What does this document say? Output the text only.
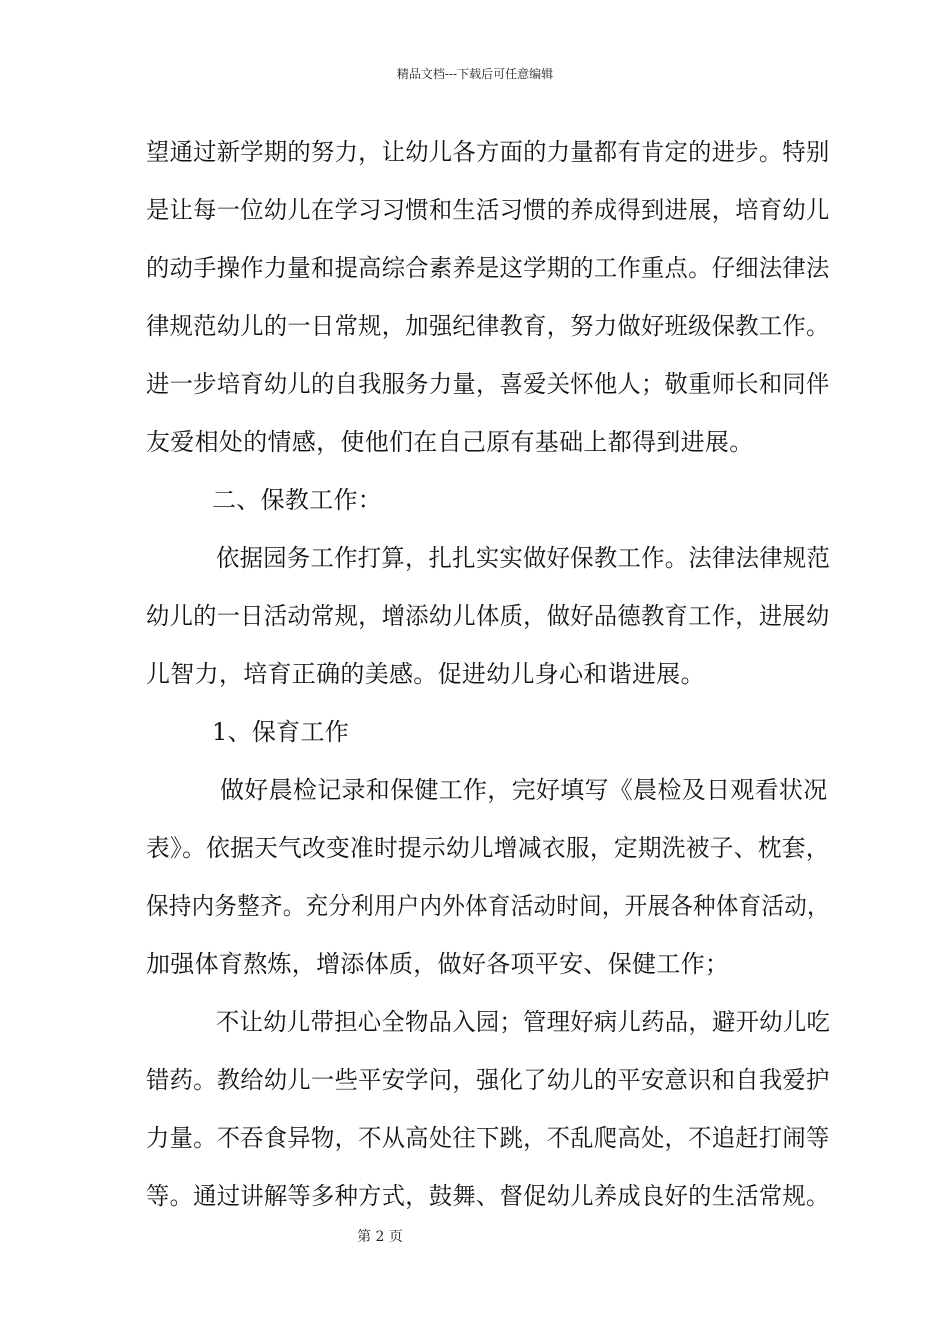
精品文档---下载后可任意编辑
望通过新学期的努力，让幼儿各方面的力量都有肯定的进步。特别
是让每一位幼儿在学习习惯和生活习惯的养成得到进展，培育幼儿
的动手操作力量和提高综合素养是这学期的工作重点。仔细法律法
律规范幼儿的一日常规，加强纪律教育，努力做好班级保教工作。
进一步培育幼儿的自我服务力量，喜爱关怀他人；敬重师长和同伴
友爱相处的情感，使他们在自己原有基础上都得到进展。
二、保教工作：
依据园务工作打算，扎扎实实做好保教工作。法律法律规范
幼儿的一日活动常规，增添幼儿体质，做好品德教育工作，进展幼
儿智力，培育正确的美感。促进幼儿身心和谐进展。
1、保育工作
做好晨检记录和保健工作，完好填写《晨检及日观看状况
表》。依据天气改变准时提示幼儿增减衣服，定期洗被子、枕套，
保持内务整齐。充分利用户内外体育活动时间，开展各种体育活动，
加强体育熬炼，增添体质，做好各项平安、保健工作；
不让幼儿带担心全物品入园；管理好病儿药品，避开幼儿吃
错药。教给幼儿一些平安学问，强化了幼儿的平安意识和自我爱护
力量。不吞食异物，不从高处往下跳，不乱爬高处，不追赶打闹等
等。通过讲解等多种方式，鼓舞、督促幼儿养成良好的生活常规。
第 2 页
